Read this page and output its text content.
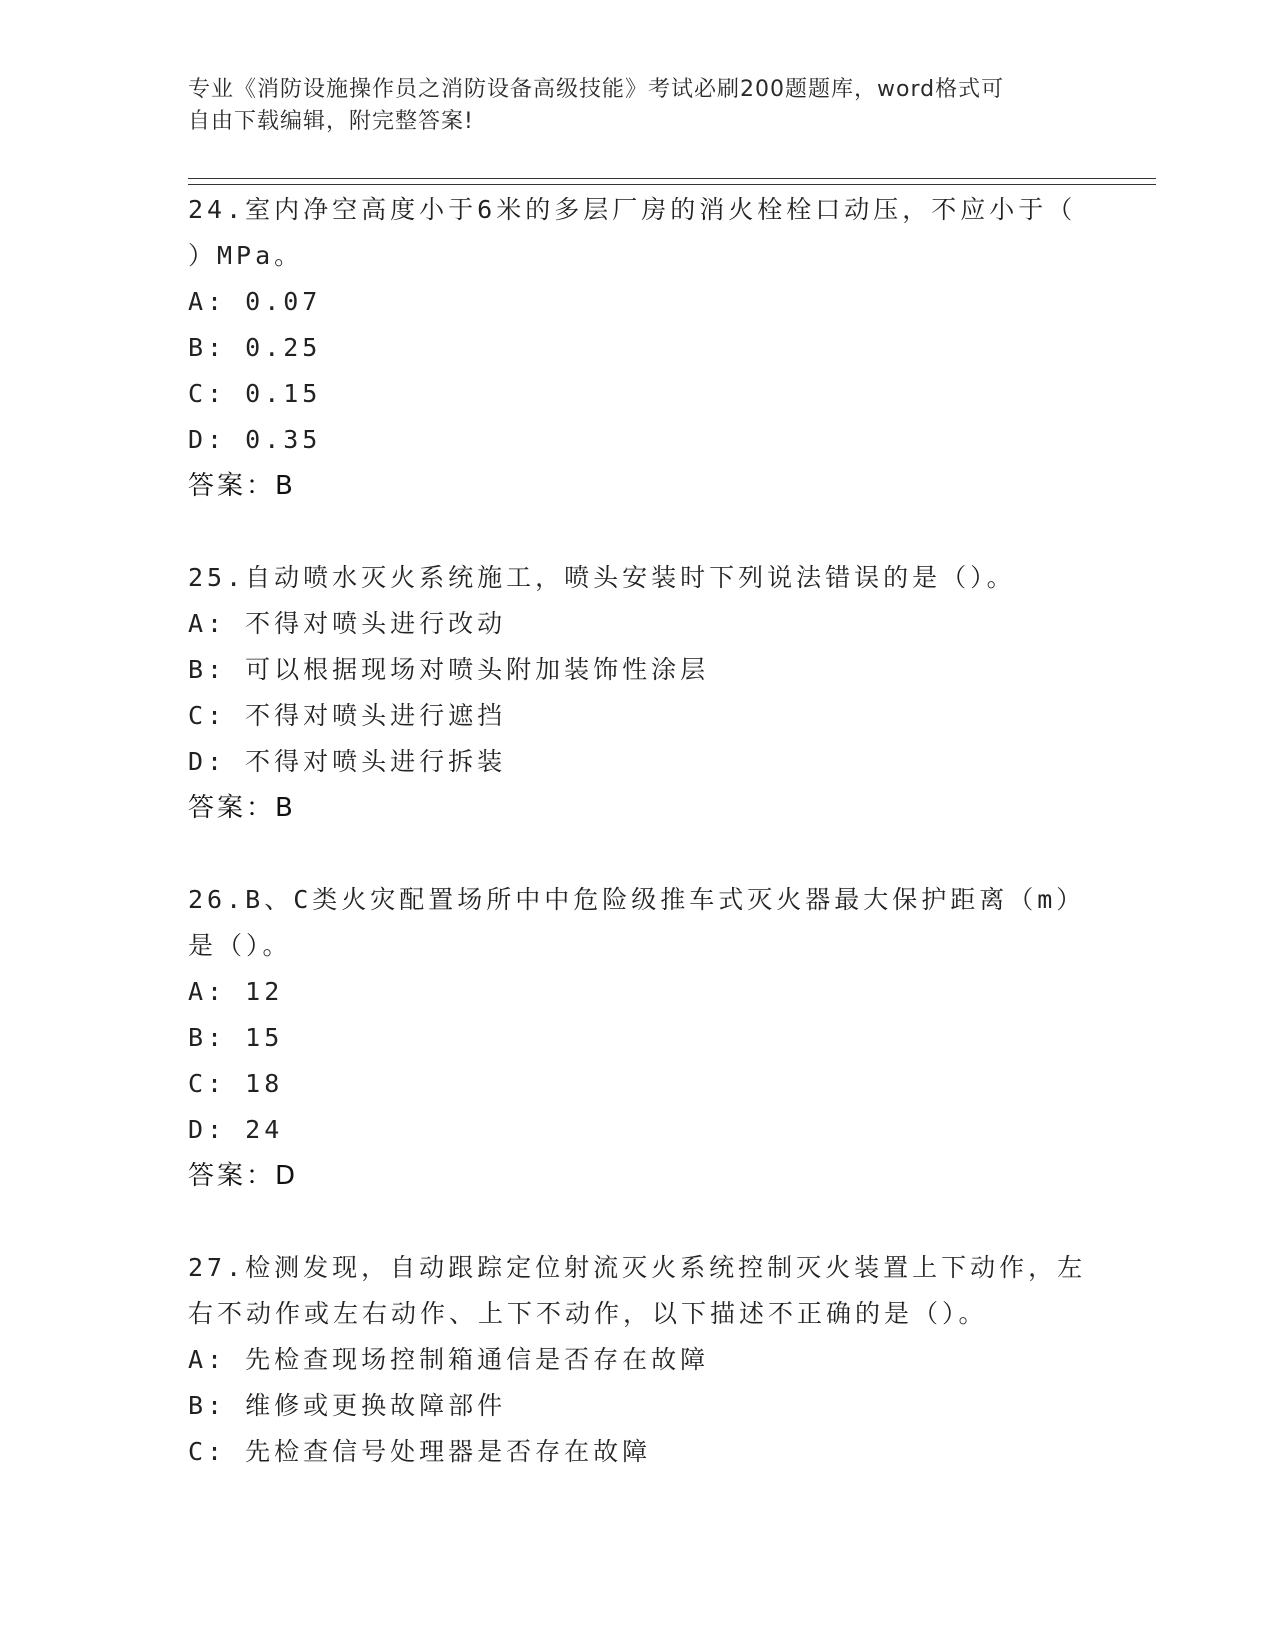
专业《消防设施操作员之消防设备高级技能》考试必刷200题题库，word格式可
自由下载编辑，附完整答案!
24.室内净空高度小于6米的多层厂房的消火栓栓口动压，不应小于（
）MPa。
A: 0.07
B: 0.25
C: 0.15
D: 0.35
答案：B
25.自动喷水灭火系统施工，喷头安装时下列说法错误的是（）。
A: 不得对喷头进行改动
B: 可以根据现场对喷头附加装饰性涂层
C: 不得对喷头进行遮挡
D: 不得对喷头进行拆装
答案：B
26.B、C类火灾配置场所中中危险级推车式灭火器最大保护距离（m）
是（）。
A: 12
B: 15
C: 18
D: 24
答案：D
27.检测发现，自动跟踪定位射流灭火系统控制灭火装置上下动作，左
右不动作或左右动作、上下不动作，以下描述不正确的是（）。
A: 先检查现场控制箱通信是否存在故障
B: 维修或更换故障部件
C: 先检查信号处理器是否存在故障
